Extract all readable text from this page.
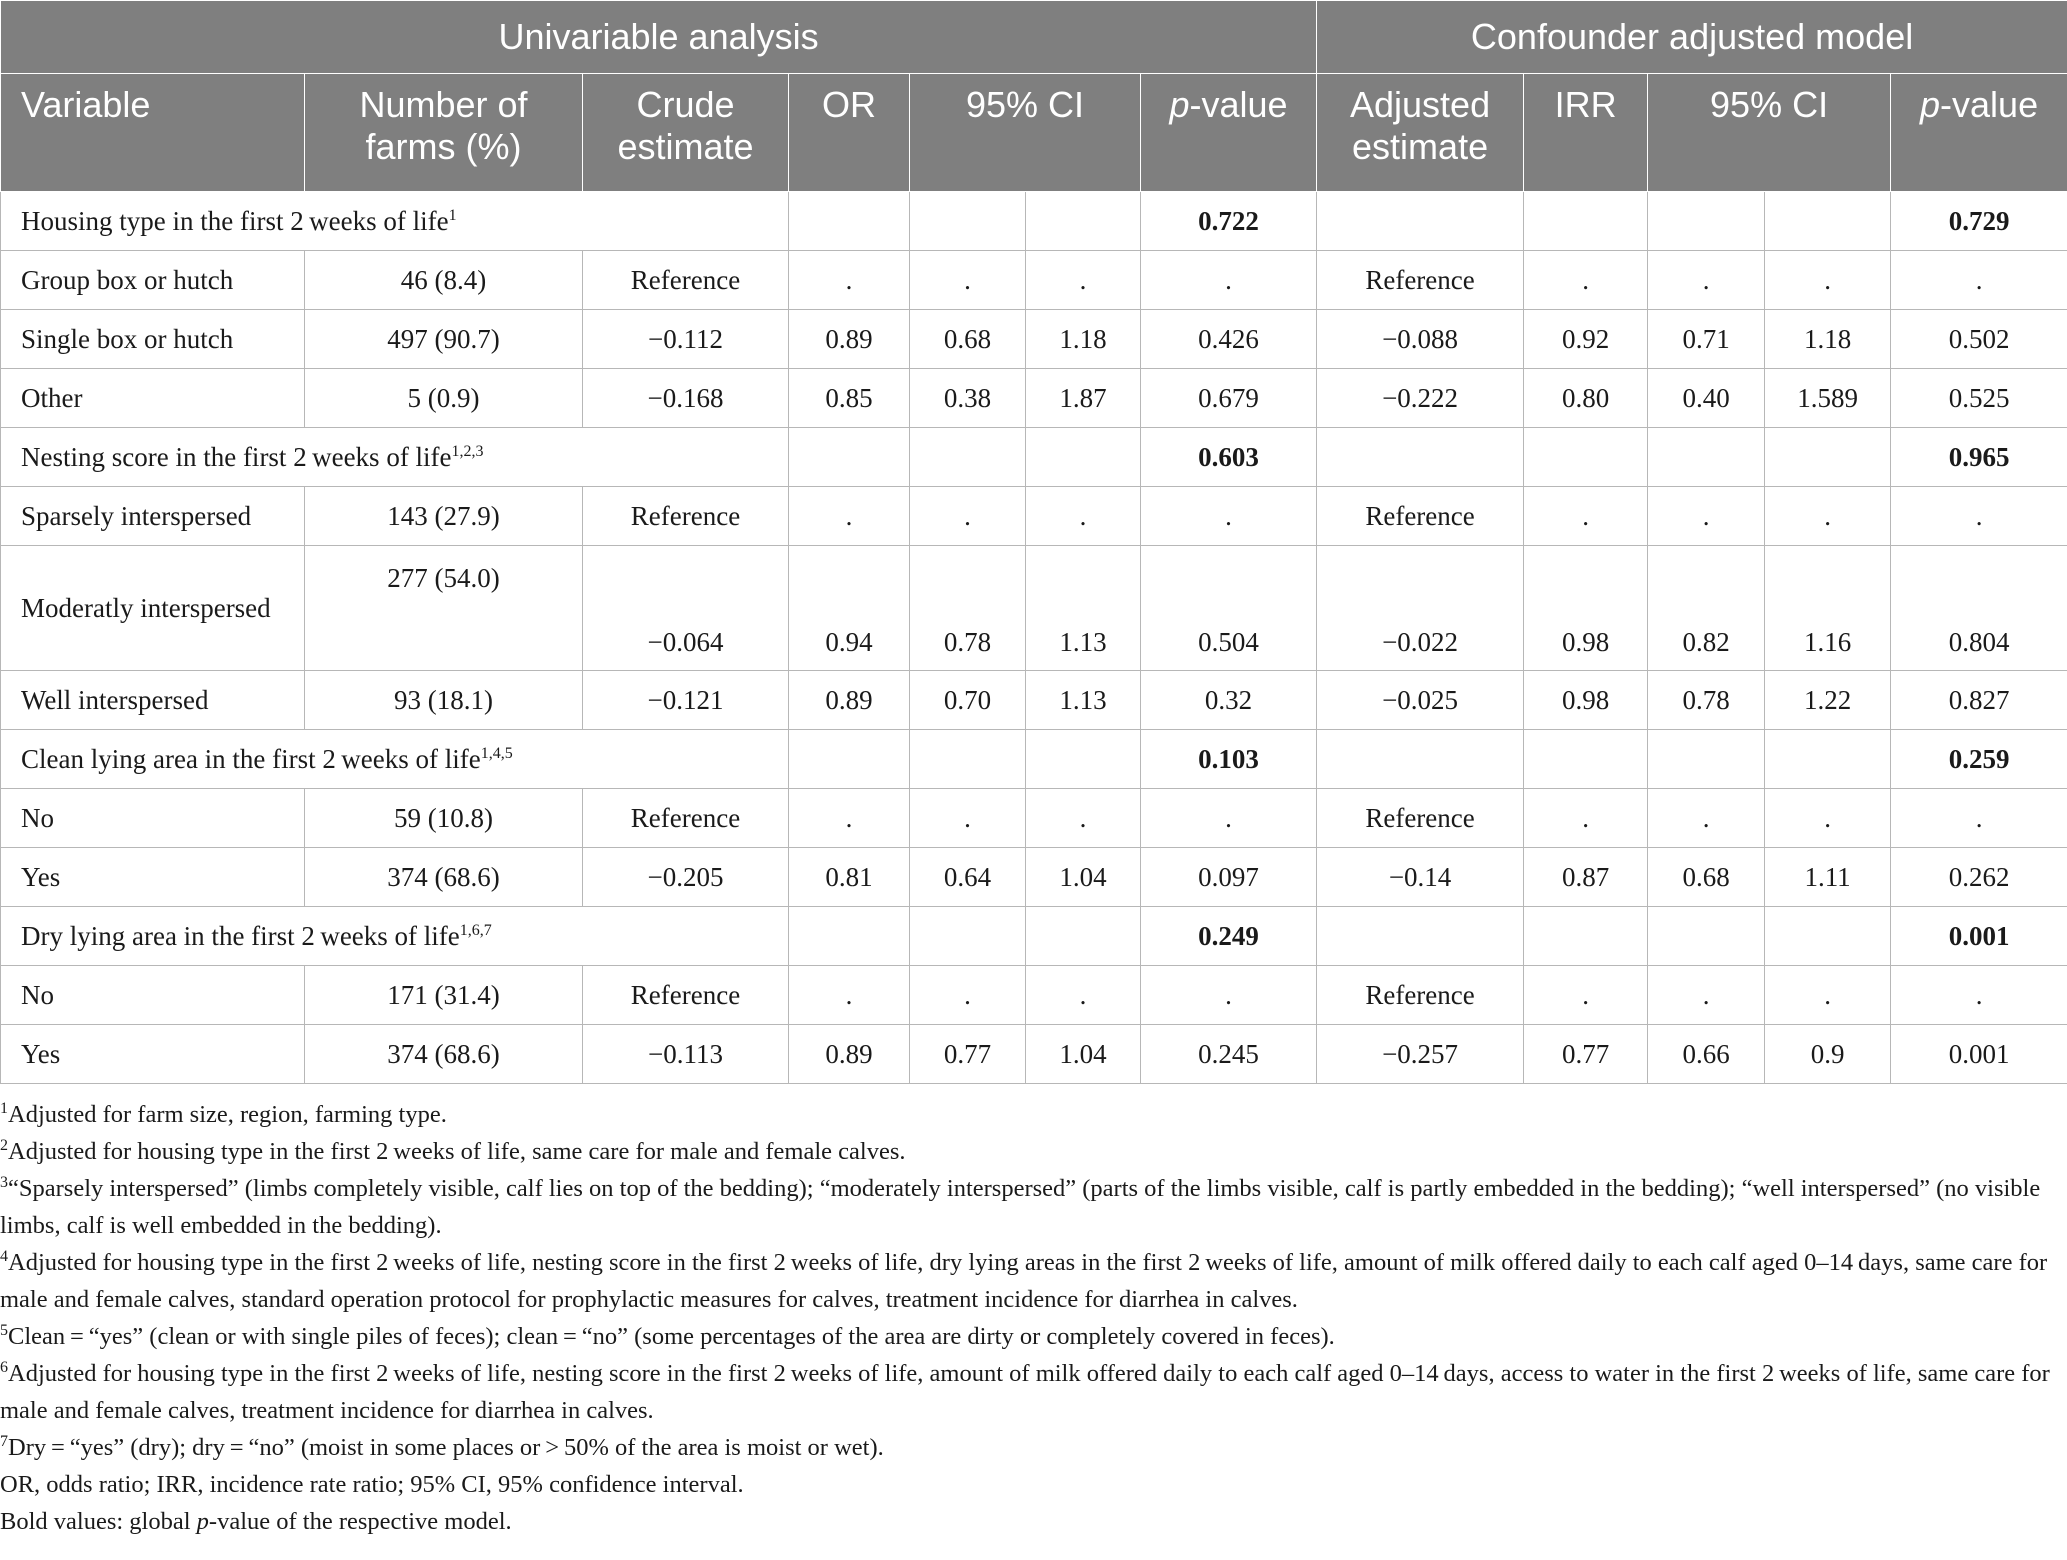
Univariable analysis							Confounder adjusted model				
Variable	Number of farms (%)	Crude estimate	OR	95% CI		p-value	Adjusted estimate	IRR	95% CI		p-value
Housing type in the first 2 weeks of life$^1$						0.722					0.729
Group box or hutch	46 (8.4)	Reference	.	.	.	.	Reference	.	.	.	.
Single box or hutch	497 (90.7)	−0.112	0.89	0.68	1.18	0.426	−0.088	0.92	0.71	1.18	0.502
Other	5 (0.9)	−0.168	0.85	0.38	1.87	0.679	−0.222	0.80	0.40	1.589	0.525
Nesting score in the first 2 weeks of life$^{1,2,3}$						0.603					0.965
Sparsely interspersed	143 (27.9)	Reference	.	.	.	.	Reference	.	.	.	.
Moderatly interspersed	277 (54.0)	−0.064	0.94	0.78	1.13	0.504	−0.022	0.98	0.82	1.16	0.804
Well interspersed	93 (18.1)	−0.121	0.89	0.70	1.13	0.32	−0.025	0.98	0.78	1.22	0.827
Clean lying area in the first 2 weeks of life$^{1,4,5}$						0.103					0.259
No	59 (10.8)	Reference	.	.	.	.	Reference	.	.	.	.
Yes	374 (68.6)	−0.205	0.81	0.64	1.04	0.097	−0.14	0.87	0.68	1.11	0.262
Dry lying area in the first 2 weeks of life$^{1,6,7}$						0.249					0.001
No	171 (31.4)	Reference	.	.	.	.	Reference	.	.	.	.
Yes	374 (68.6)	−0.113	0.89	0.77	1.04	0.245	−0.257	0.77	0.66	0.9	0.001

$^1$Adjusted for farm size, region, farming type.

$^2$Adjusted for housing type in the first 2 weeks of life, same care for male and female calves.

$^3$“Sparsely interspersed” (limbs completely visible, calf lies on top of the bedding); “moderately interspersed” (parts of the limbs visible, calf is partly embedded in the bedding); “well interspersed” (no visible limbs, calf is well embedded in the bedding).

$^4$Adjusted for housing type in the first 2 weeks of life, nesting score in the first 2 weeks of life, dry lying areas in the first 2 weeks of life, amount of milk offered daily to each calf aged 0–14 days, same care for male and female calves, standard operation protocol for prophylactic measures for calves, treatment incidence for diarrhea in calves.

$^5$Clean = “yes” (clean or with single piles of feces); clean = “no” (some percentages of the area are dirty or completely covered in feces).

$^6$Adjusted for housing type in the first 2 weeks of life, nesting score in the first 2 weeks of life, amount of milk offered daily to each calf aged 0–14 days, access to water in the first 2 weeks of life, same care for male and female calves, treatment incidence for diarrhea in calves.

$^7$Dry = “yes” (dry); dry = “no” (moist in some places or > 50% of the area is moist or wet).

OR, odds ratio; IRR, incidence rate ratio; 95% CI, 95% confidence interval.

Bold values: global p-value of the respective model.
